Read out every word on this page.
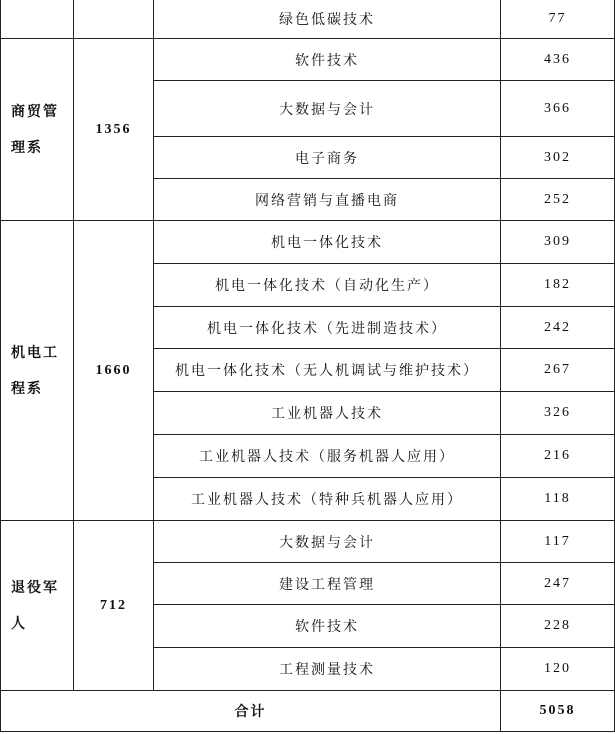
		绿色低碳技术	77

商贸管
理系	1356	软件技术	436
		大数据与会计	366
		电子商务	302
		网络营销与直播电商	252

机电工
程系	1660	机电一体化技术	309
		机电一体化技术（自动化生产）	182
		机电一体化技术（先进制造技术）	242
		机电一体化技术（无人机调试与维护技术）	267
		工业机器人技术	326
		工业机器人技术（服务机器人应用）	216
		工业机器人技术（特种兵机器人应用）	118

退役军
人	712	大数据与会计	117
		建设工程管理	247
		软件技术	228
		工程测量技术	120
合计			5058
